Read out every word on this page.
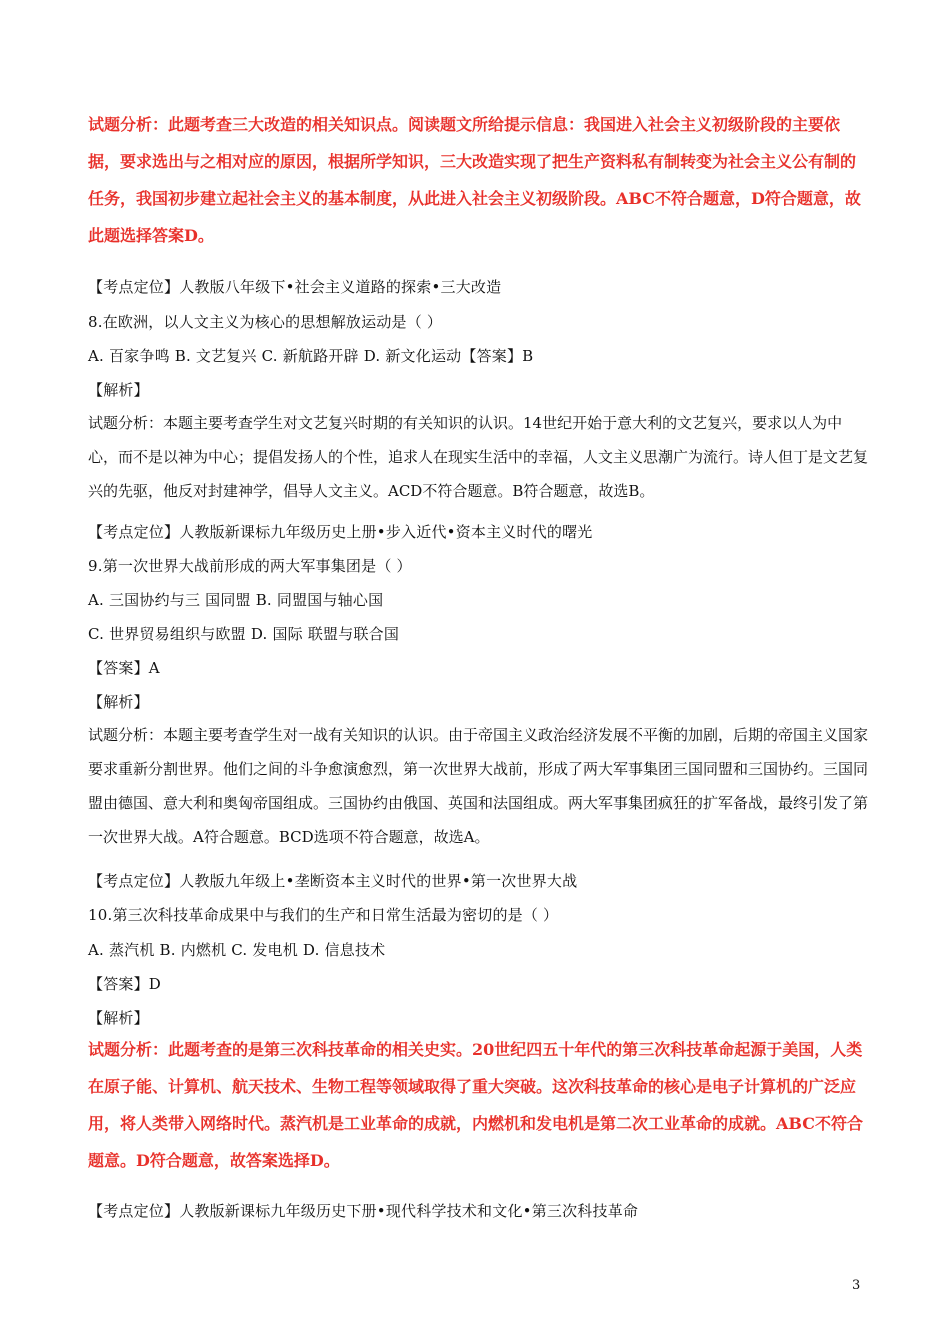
试题分析：此题考查三大改造的相关知识点。阅读题文所给提示信息：我国进入社会主义初级阶段的主要依据，要求选出与之相对应的原因，根据所学知识，三大改造实现了把生产资料私有制转变为社会主义公有制的任务，我国初步建立起社会主义的基本制度，从此进入社会主义初级阶段。ABC不符合题意，D符合题意，故此题选择答案D。
【考点定位】人教版八年级下•社会主义道路的探索•三大改造
8.在欧洲，以人文主义为核心的思想解放运动是（ ）
A. 百家争鸣 B. 文艺复兴 C. 新航路开辟 D. 新文化运动【答案】B
【解析】
试题分析：本题主要考查学生对文艺复兴时期的有关知识的认识。14世纪开始于意大利的文艺复兴，要求以人为中心，而不是以神为中心；提倡发扬人的个性，追求人在现实生活中的幸福，人文主义思潮广为流行。诗人但丁是文艺复兴的先驱，他反对封建神学，倡导人文主义。ACD不符合题意。B符合题意，故选B。
【考点定位】人教版新课标九年级历史上册•步入近代•资本主义时代的曙光
9.第一次世界大战前形成的两大军事集团是（ ）
A. 三国协约与三 国同盟 B. 同盟国与轴心国
C. 世界贸易组织与欧盟 D. 国际 联盟与联合国
【答案】A
【解析】
试题分析：本题主要考查学生对一战有关知识的认识。由于帝国主义政治经济发展不平衡的加剧，后期的帝国主义国家要求重新分割世界。他们之间的斗争愈演愈烈，第一次世界大战前，形成了两大军事集团三国同盟和三国协约。三国同盟由德国、意大利和奥匈帝国组成。三国协约由俄国、英国和法国组成。两大军事集团疯狂的扩军备战，最终引发了第一次世界大战。A符合题意。BCD选项不符合题意，故选A。
【考点定位】人教版九年级上•垄断资本主义时代的世界•第一次世界大战
10.第三次科技革命成果中与我们的生产和日常生活最为密切的是（ ）
A. 蒸汽机 B. 内燃机 C. 发电机 D. 信息技术
【答案】D
【解析】
试题分析：此题考查的是第三次科技革命的相关史实。20世纪四五十年代的第三次科技革命起源于美国，人类在原子能、计算机、航天技术、生物工程等领域取得了重大突破。这次科技革命的核心是电子计算机的广泛应用，将人类带入网络时代。蒸汽机是工业革命的成就，内燃机和发电机是第二次工业革命的成就。ABC不符合题意。D符合题意，故答案选择D。
【考点定位】人教版新课标九年级历史下册•现代科学技术和文化•第三次科技革命
3
